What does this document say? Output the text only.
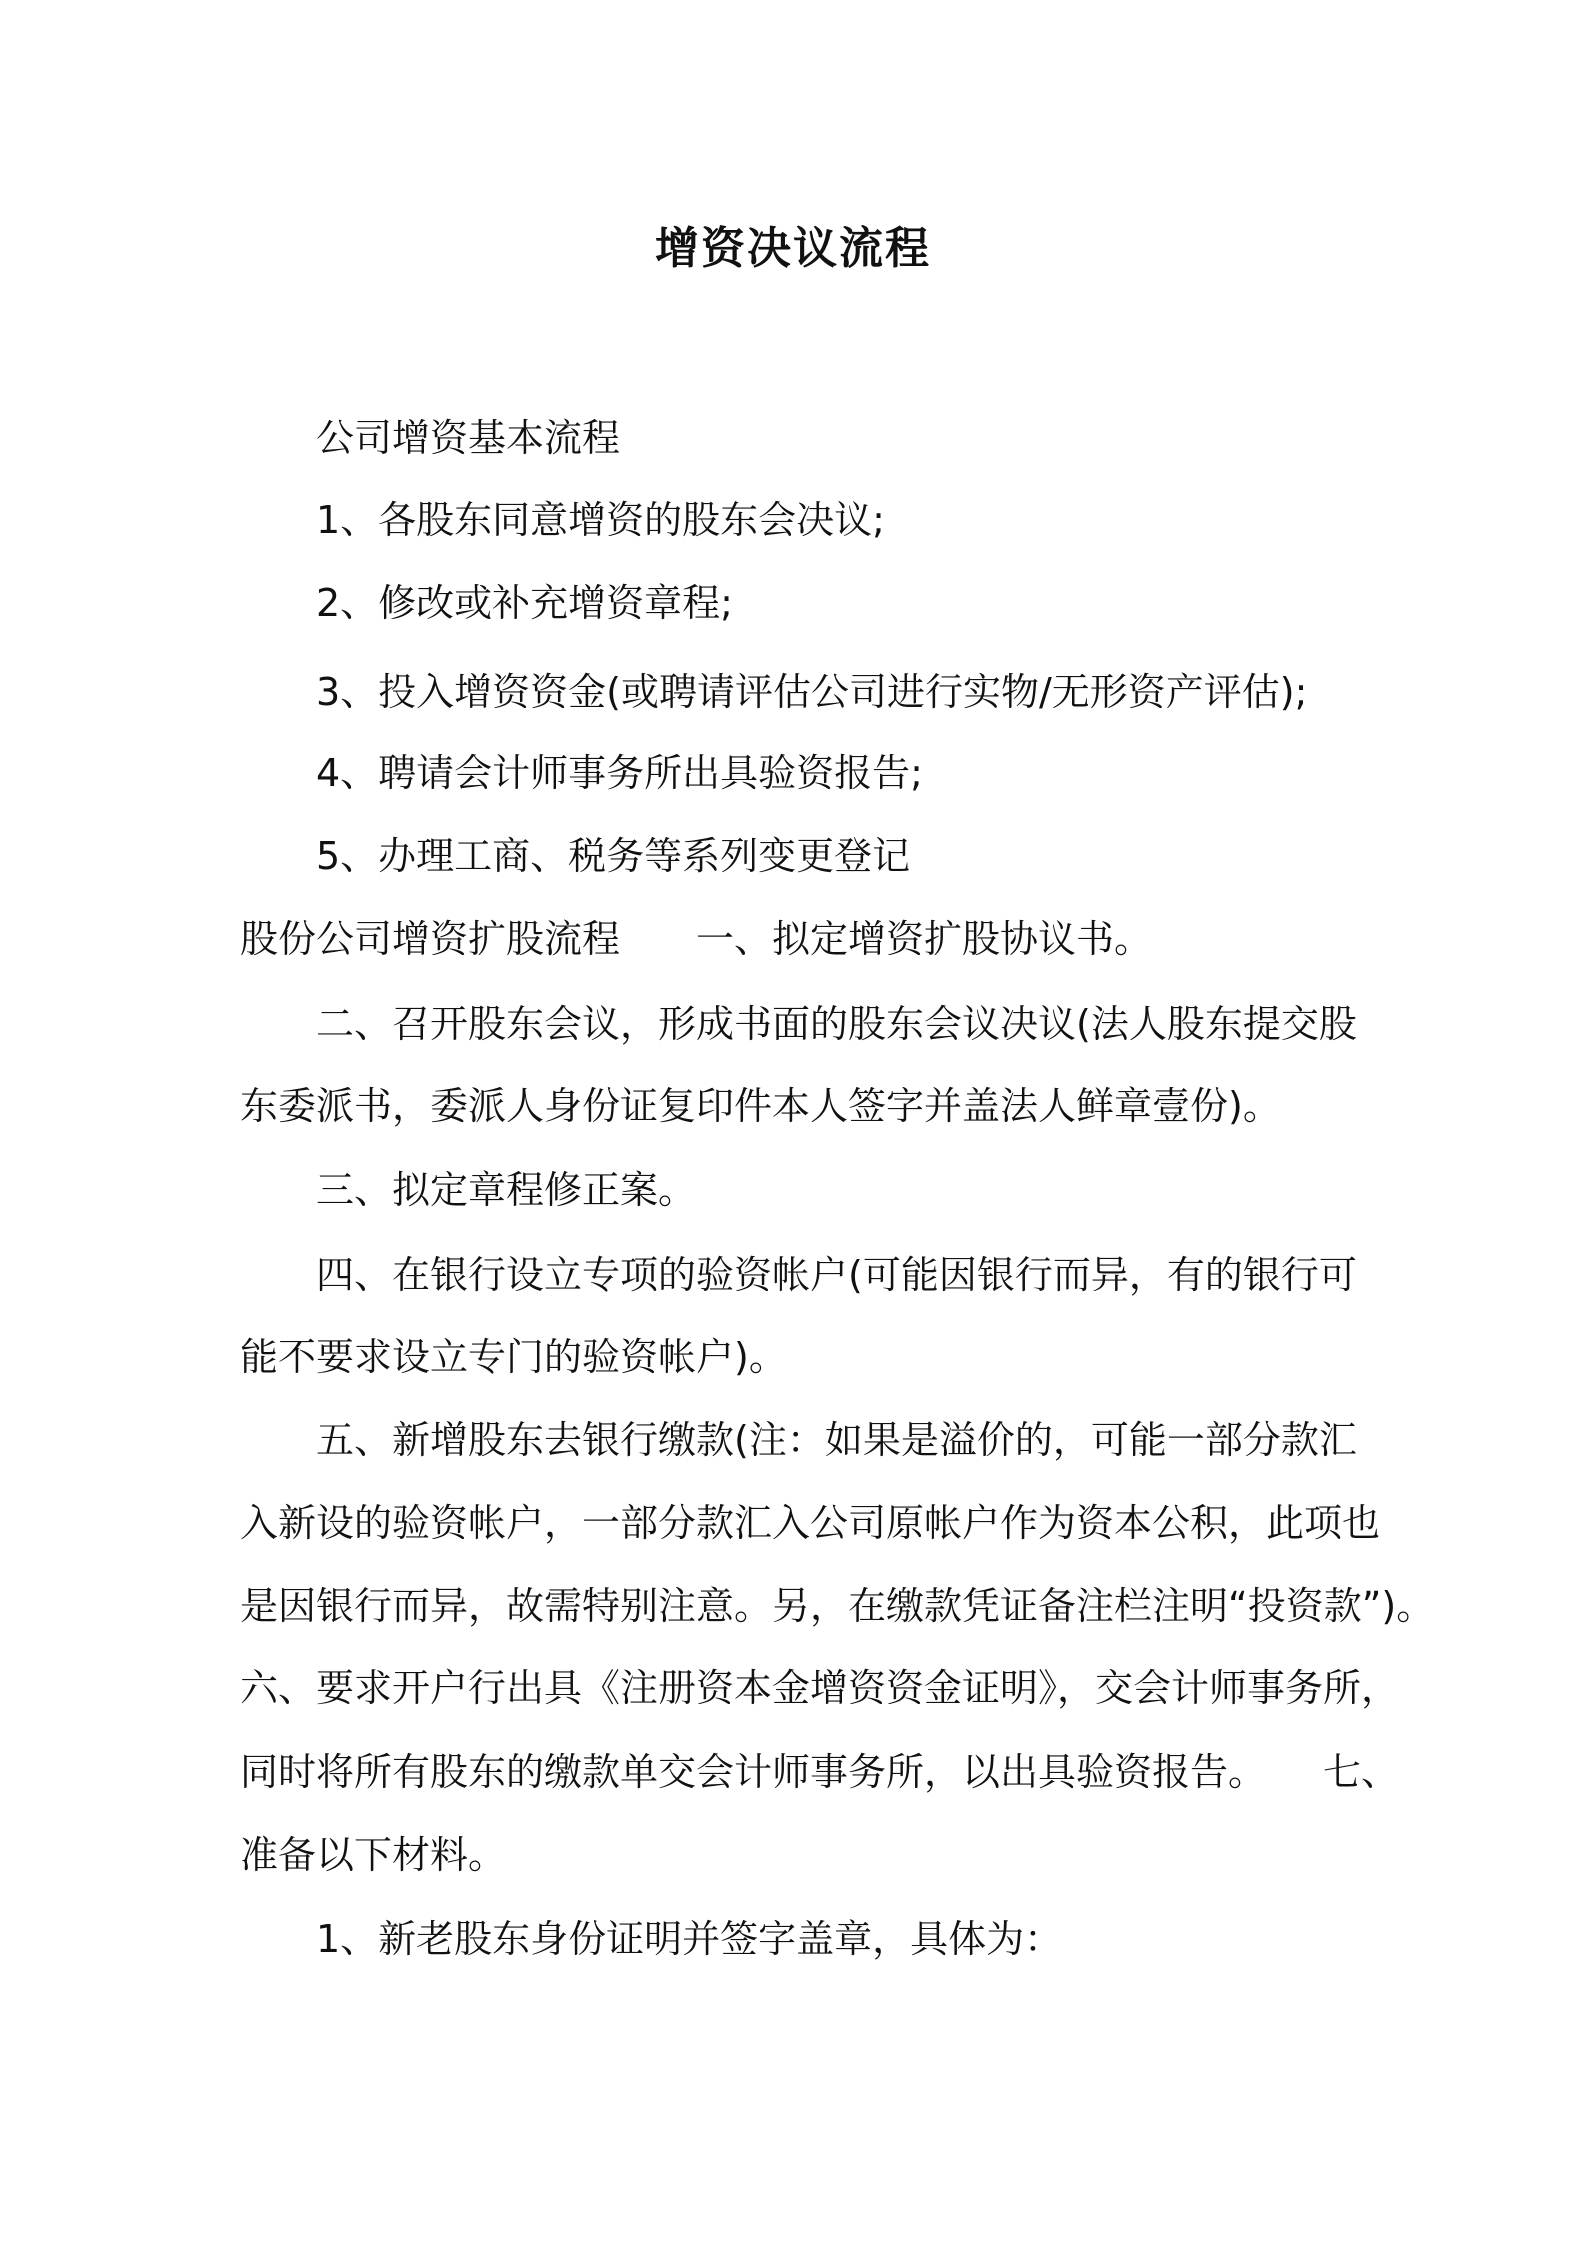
增资决议流程

公司增资基本流程

1、各股东同意增资的股东会决议;

2、修改或补充增资章程;

3、投入增资资金(或聘请评估公司进行实物/无形资产评估);

4、聘请会计师事务所出具验资报告;

5、办理工商、税务等系列变更登记

股份公司增资扩股流程　　一、拟定增资扩股协议书。

二、召开股东会议，形成书面的股东会议决议(法人股东提交股

东委派书，委派人身份证复印件本人签字并盖法人鲜章壹份)。

三、拟定章程修正案。

四、在银行设立专项的验资帐户(可能因银行而异，有的银行可

能不要求设立专门的验资帐户)。

五、新增股东去银行缴款(注：如果是溢价的，可能一部分款汇

入新设的验资帐户，一部分款汇入公司原帐户作为资本公积，此项也

是因银行而异，故需特别注意。另，在缴款凭证备注栏注明“投资款”)。

六、要求开户行出具《注册资本金增资资金证明》，交会计师事务所，

同时将所有股东的缴款单交会计师事务所，以出具验资报告。　　七、

准备以下材料。

1、新老股东身份证明并签字盖章，具体为：
